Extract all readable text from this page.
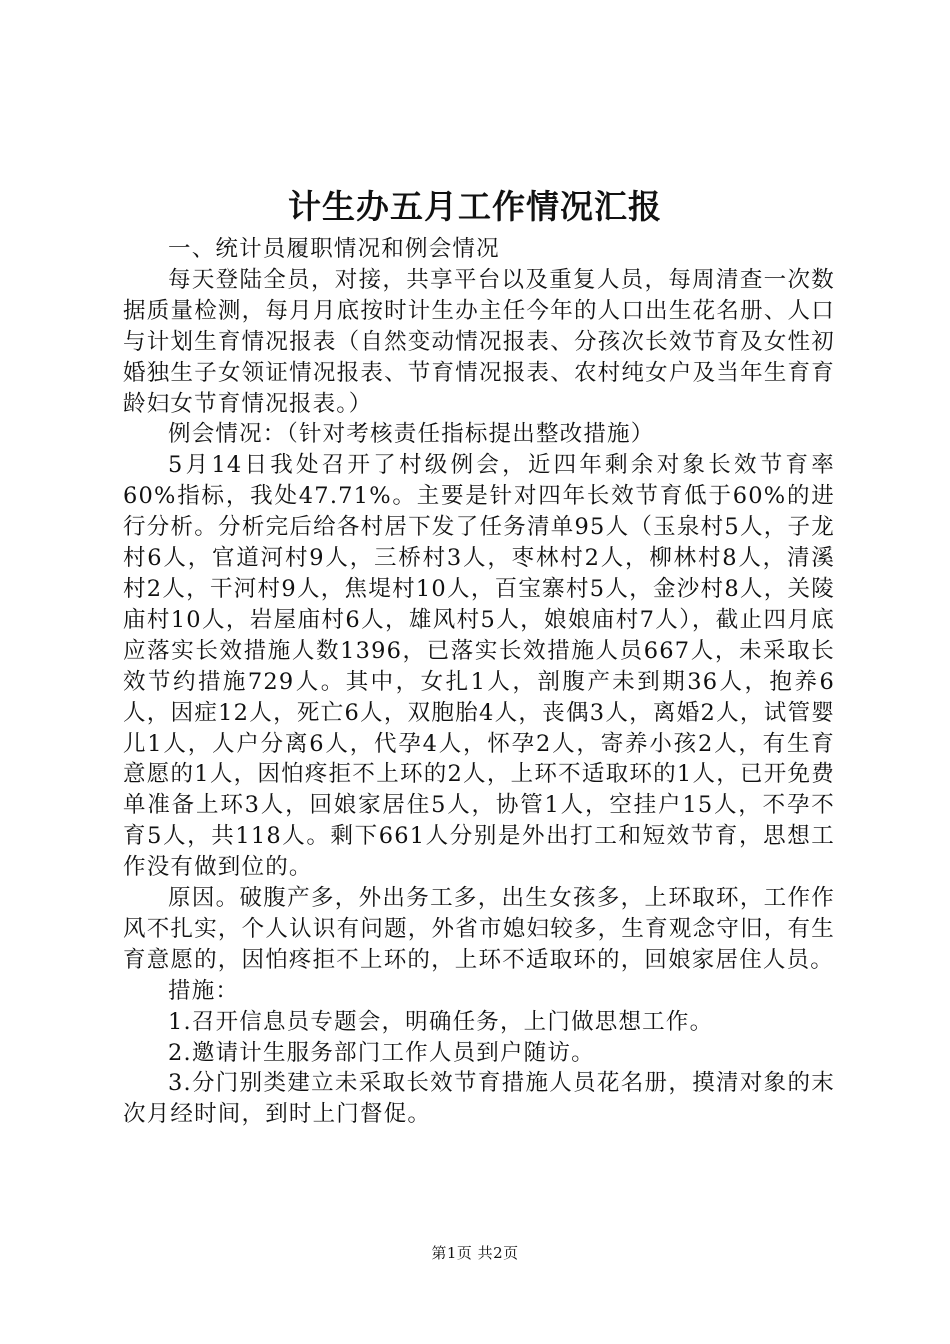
计生办五月工作情况汇报

一、统计员履职情况和例会情况

每天登陆全员，对接，共享平台以及重复人员，每周清查一次数据质量检测，每月月底按时计生办主任今年的人口出生花名册、人口与计划生育情况报表（自然变动情况报表、分孩次长效节育及女性初婚独生子女领证情况报表、节育情况报表、农村纯女户及当年生育育龄妇女节育情况报表。）

例会情况：（针对考核责任指标提出整改措施）

5月14日我处召开了村级例会，近四年剩余对象长效节育率60%指标，我处47.71%。主要是针对四年长效节育低于60%的进行分析。分析完后给各村居下发了任务清单95人（玉泉村5人，子龙村6人，官道河村9人，三桥村3人，枣林村2人，柳林村8人，清溪村2人，干河村9人，焦堤村10人，百宝寨村5人，金沙村8人，关陵庙村10人，岩屋庙村6人，雄风村5人，娘娘庙村7人），截止四月底应落实长效措施人数1396，已落实长效措施人员667人，未采取长效节约措施729人。其中，女扎1人，剖腹产未到期36人，抱养6人，因症12人，死亡6人，双胞胎4人，丧偶3人，离婚2人，试管婴儿1人，人户分离6人，代孕4人，怀孕2人，寄养小孩2人，有生育意愿的1人，因怕疼拒不上环的2人，上环不适取环的1人，已开免费单准备上环3人，回娘家居住5人，协管1人，空挂户15人，不孕不育5人，共118人。剩下661人分别是外出打工和短效节育，思想工作没有做到位的。

原因。破腹产多，外出务工多，出生女孩多，上环取环，工作作风不扎实，个人认识有问题，外省市媳妇较多，生育观念守旧，有生育意愿的，因怕疼拒不上环的，上环不适取环的，回娘家居住人员。

措施：

1.召开信息员专题会，明确任务，上门做思想工作。

2.邀请计生服务部门工作人员到户随访。

3.分门别类建立未采取长效节育措施人员花名册，摸清对象的末次月经时间，到时上门督促。

第1页 共2页
